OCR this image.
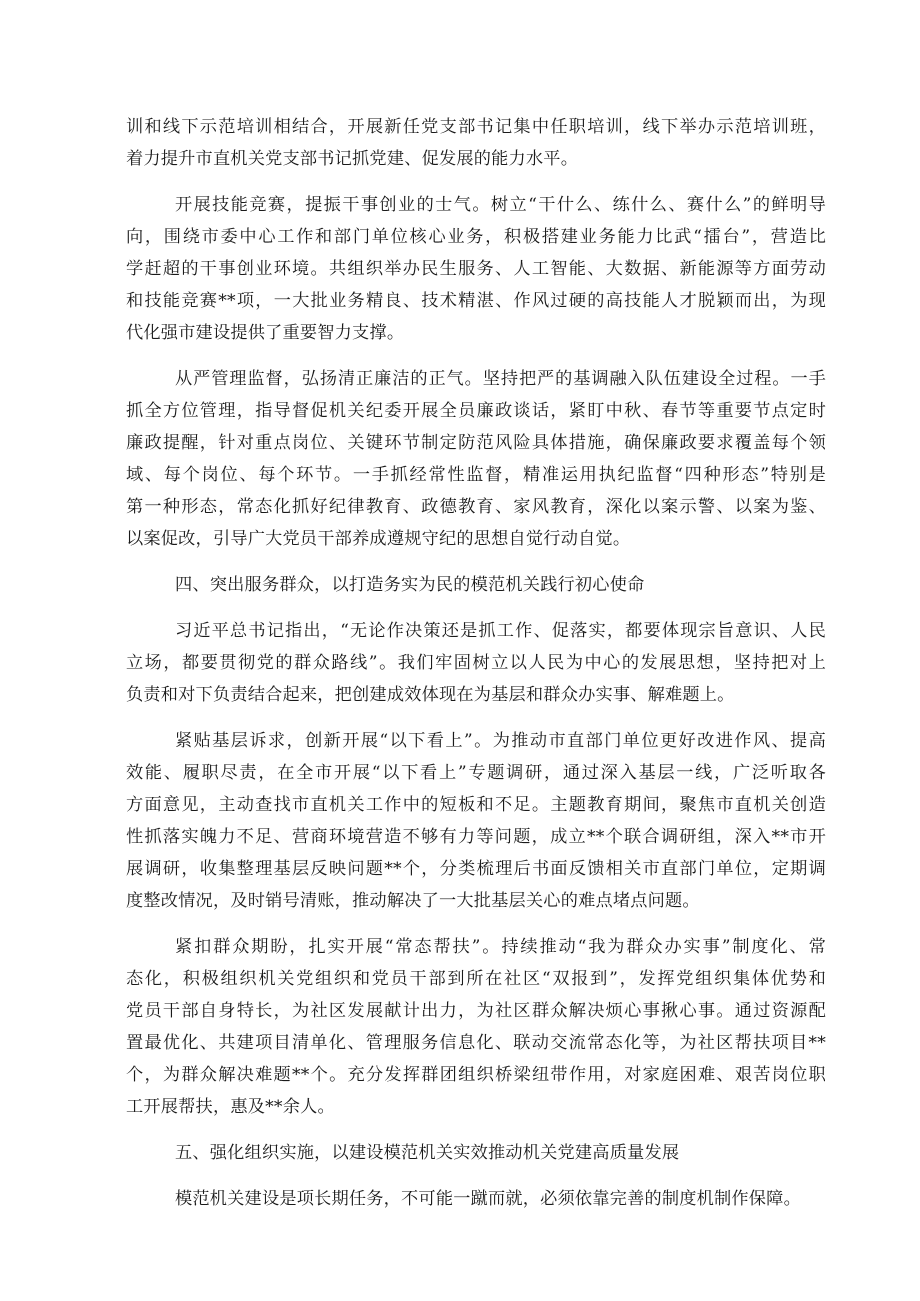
训和线下示范培训相结合，开展新任党支部书记集中任职培训，线下举办示范培训班，
着力提升市直机关党支部书记抓党建、促发展的能力水平。
开展技能竞赛，提振干事创业的士气。树立“干什么、练什么、赛什么”的鲜明导
向，围绕市委中心工作和部门单位核心业务，积极搭建业务能力比武“擂台”，营造比
学赶超的干事创业环境。共组织举办民生服务、人工智能、大数据、新能源等方面劳动
和技能竞赛**项，一大批业务精良、技术精湛、作风过硬的高技能人才脱颖而出，为现
代化强市建设提供了重要智力支撑。
从严管理监督，弘扬清正廉洁的正气。坚持把严的基调融入队伍建设全过程。一手
抓全方位管理，指导督促机关纪委开展全员廉政谈话，紧盯中秋、春节等重要节点定时
廉政提醒，针对重点岗位、关键环节制定防范风险具体措施，确保廉政要求覆盖每个领
域、每个岗位、每个环节。一手抓经常性监督，精准运用执纪监督“四种形态”特别是
第一种形态，常态化抓好纪律教育、政德教育、家风教育，深化以案示警、以案为鉴、
以案促改，引导广大党员干部养成遵规守纪的思想自觉行动自觉。
四、突出服务群众，以打造务实为民的模范机关践行初心使命
习近平总书记指出，“无论作决策还是抓工作、促落实，都要体现宗旨意识、人民
立场，都要贯彻党的群众路线”。我们牢固树立以人民为中心的发展思想，坚持把对上
负责和对下负责结合起来，把创建成效体现在为基层和群众办实事、解难题上。
紧贴基层诉求，创新开展“以下看上”。为推动市直部门单位更好改进作风、提高
效能、履职尽责，在全市开展“以下看上”专题调研，通过深入基层一线，广泛听取各
方面意见，主动查找市直机关工作中的短板和不足。主题教育期间，聚焦市直机关创造
性抓落实魄力不足、营商环境营造不够有力等问题，成立**个联合调研组，深入**市开
展调研，收集整理基层反映问题**个，分类梳理后书面反馈相关市直部门单位，定期调
度整改情况，及时销号清账，推动解决了一大批基层关心的难点堵点问题。
紧扣群众期盼，扎实开展“常态帮扶”。持续推动“我为群众办实事”制度化、常
态化，积极组织机关党组织和党员干部到所在社区“双报到”，发挥党组织集体优势和
党员干部自身特长，为社区发展献计出力，为社区群众解决烦心事揪心事。通过资源配
置最优化、共建项目清单化、管理服务信息化、联动交流常态化等，为社区帮扶项目**
个，为群众解决难题**个。充分发挥群团组织桥梁纽带作用，对家庭困难、艰苦岗位职
工开展帮扶，惠及**余人。
五、强化组织实施，以建设模范机关实效推动机关党建高质量发展
模范机关建设是项长期任务，不可能一蹴而就，必须依靠完善的制度机制作保障。
